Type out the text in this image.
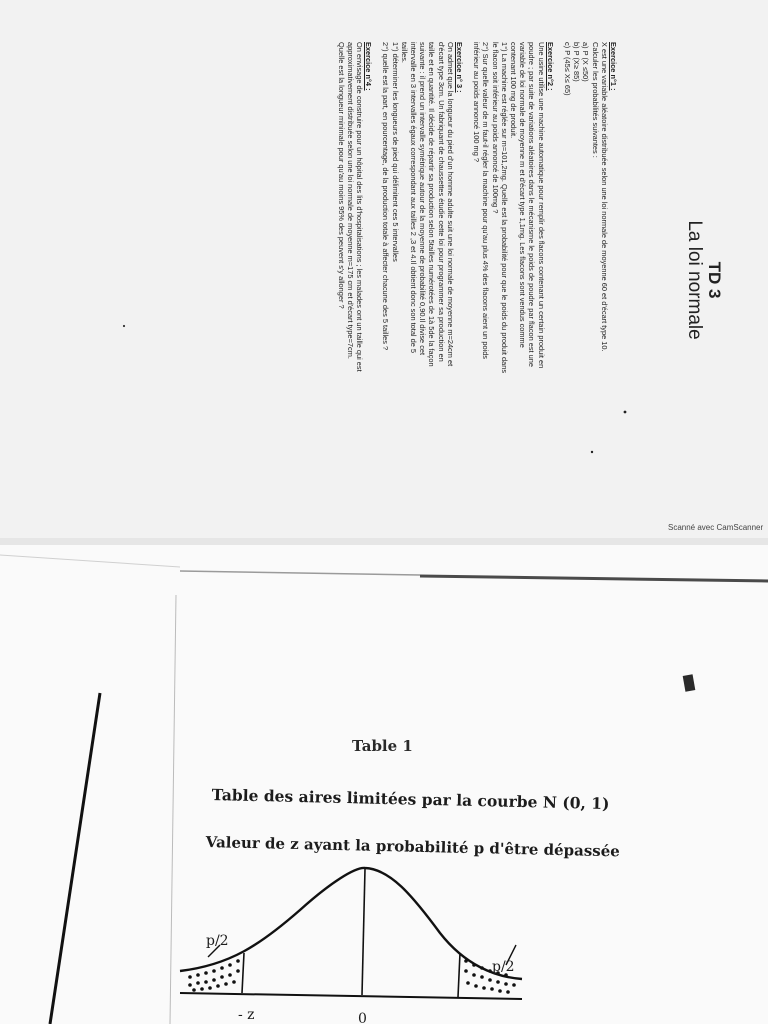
TD 3
La loi normale

Exercice n°1 :

X est une variable aléatoire distribuée selon une loi normale de moyenne 60 et d'écart type 10.

Calculer les probabilités suivantes :

a) P (X ≤50)

b) P (X≥ 85)

c) P (45≤ X≤ 65)

Exercice n°2 :

Une usine utilise une machine automatique pour remplir des flacons contenant un certain produit en

poudre ; par suite de variations aléatoires dans le mécanisme le poids de poudre par flacon est une

variable de loi normale de moyenne m et d'écart type 1,1mg. Les flacons sont vendus comme

contenant 100 mg de produit.

1°) La machine est réglée sur m=101,2mg. Quelle est la probabilité pour que le poids du produit dans

le flacon soit inférieur au poids annoncé de 100mg ?

2°) Sur quelle valeur de m faut-il régler la machine pour qu'au plus 4% des flacons aient un poids

inférieur au poids annoncé 100 mg ?

Exercice n° 3 :

On admet que la longueur du pied d'un homme adulte suit une loi normale de moyenne m=24cm et

d'écart type 3cm. Un fabriquant de chaussettes étudie cette loi pour programmer sa production en

taille et en quantité. Il décide de répartir sa production selon 5tailles numérotées de 1à 5de la façon

suivante : il prend un intervalle symétrique autour de la moyenne de probabilité 0,90.Il divise cet

intervalle en 3 intervalles égaux correspondant aux tailles 2 ,3 et 4.Il obtient donc son total de 5

tailles.

1°) déterminer les longueurs de pied qui délimitent ces 5 intervalles

2°) quelle est la part, en pourcentage, de la production totale à affecter chacune des 5 tailles ?

Exercice n°4 :

On envisage de construire pour un hôpital des lits d'hospitalisations ; les malades ont un taille qui est

approximativement distribuée selon une loi normale de moyenne m=175 cm et d'écart type=7cm.

Quelle est la longueur minimale pour qu'au moins 95% des peuvent s'y allonger ?

Scanné avec CamScanner
Table 1
Table des aires limitées par la courbe N (0, 1)
Valeur de z ayant la probabilité p d'être dépassée
p/2
p/2
- z	0
